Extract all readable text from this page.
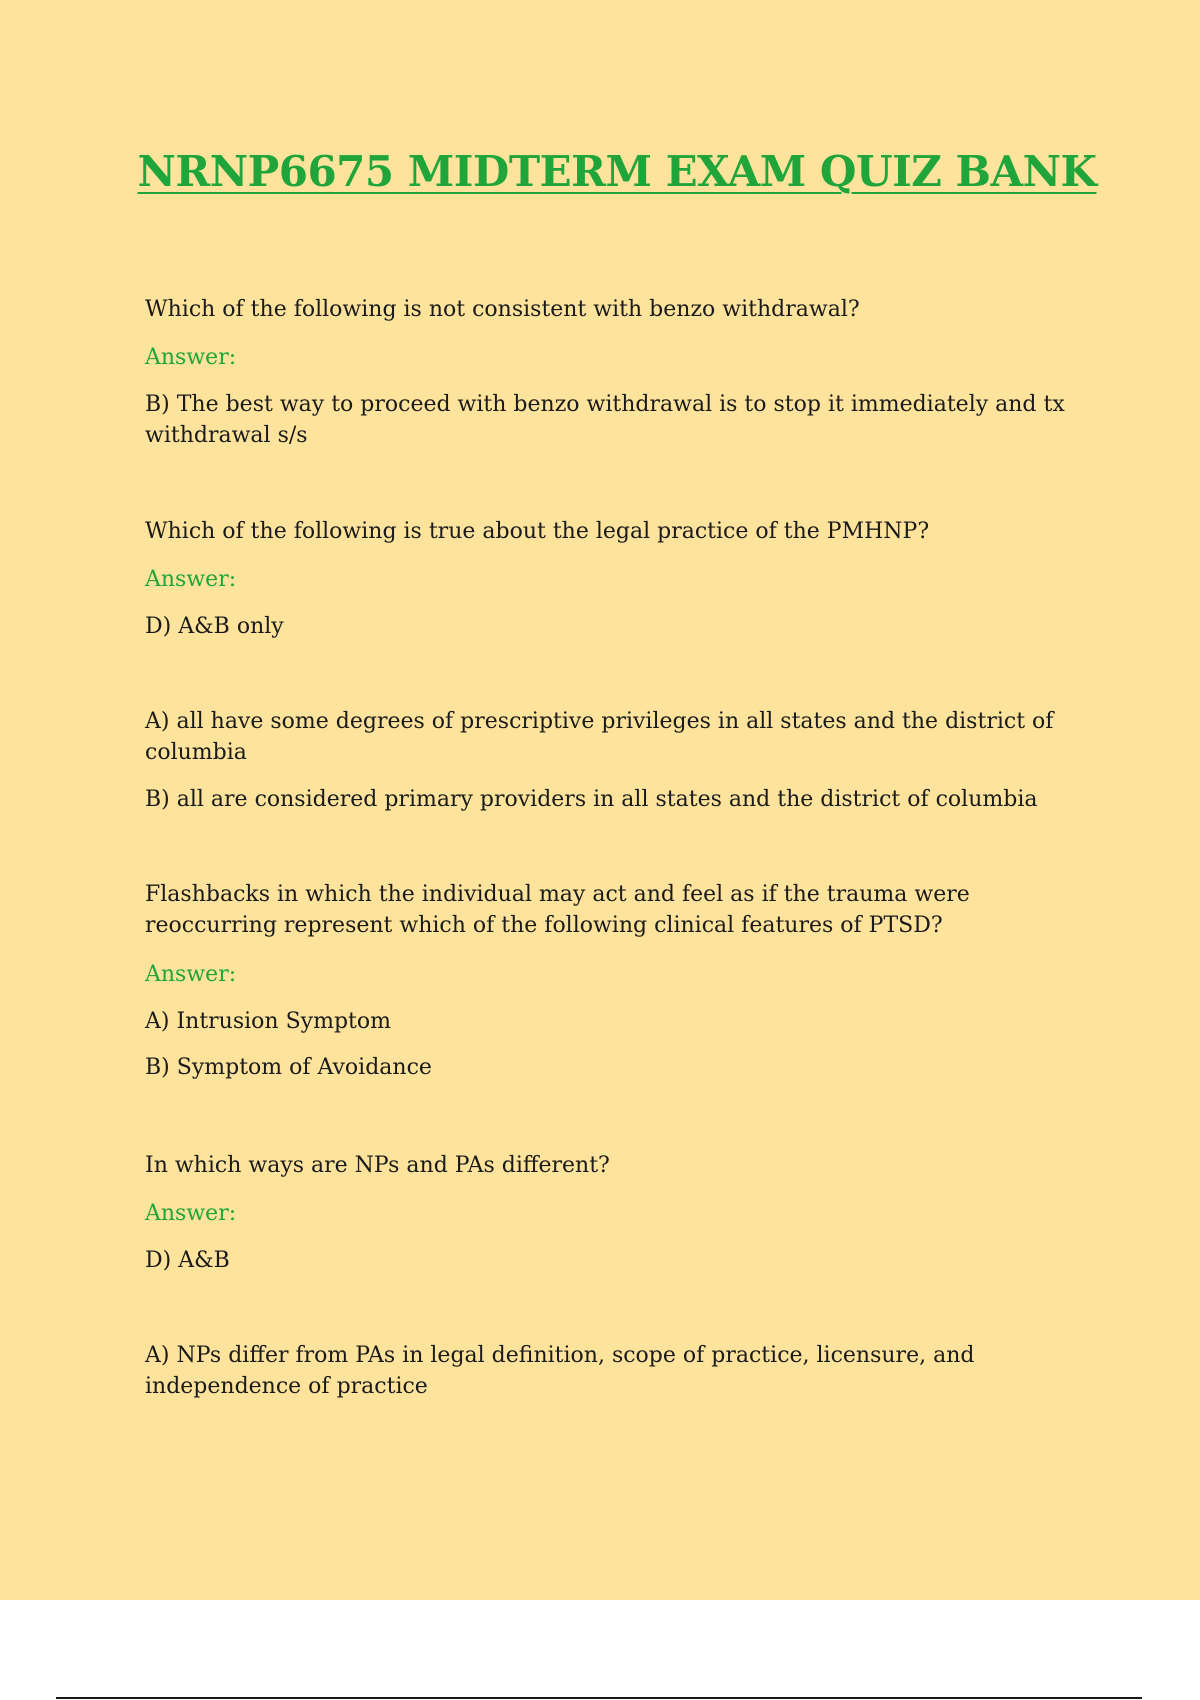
NRNP6675 MIDTERM EXAM QUIZ BANK

Which of the following is not consistent with benzo withdrawal?

Answer:

B) The best way to proceed with benzo withdrawal is to stop it immediately and tx withdrawal s/s

Which of the following is true about the legal practice of the PMHNP?

Answer:

D) A&B only

A) all have some degrees of prescriptive privileges in all states and the district of columbia

B) all are considered primary providers in all states and the district of columbia

Flashbacks in which the individual may act and feel as if the trauma were reoccurring represent which of the following clinical features of PTSD?

Answer:

A) Intrusion Symptom

B) Symptom of Avoidance

In which ways are NPs and PAs different?

Answer:

D) A&B

A) NPs differ from PAs in legal definition, scope of practice, licensure, and independence of practice
